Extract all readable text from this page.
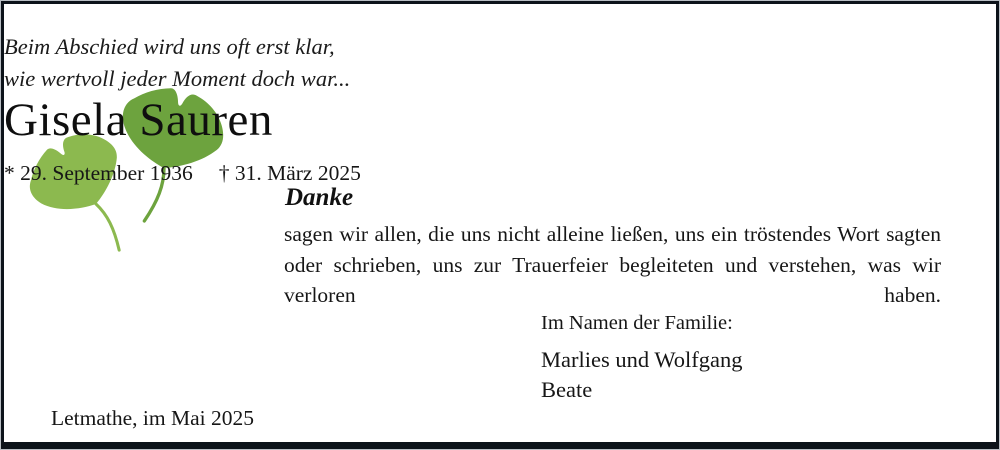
Beim Abschied wird uns oft erst klar,
wie wertvoll jeder Moment doch war...
Gisela Sauren
* 29. September 1936 † 31. März 2025
Danke
sagen wir allen, die uns nicht alleine ließen, uns ein tröstendes Wort sagten oder schrieben, uns zur Trauerfeier begleiteten und verstehen, was wir verloren haben.
Im Namen der Familie:
Marlies und Wolfgang
Beate
Letmathe, im Mai 2025
